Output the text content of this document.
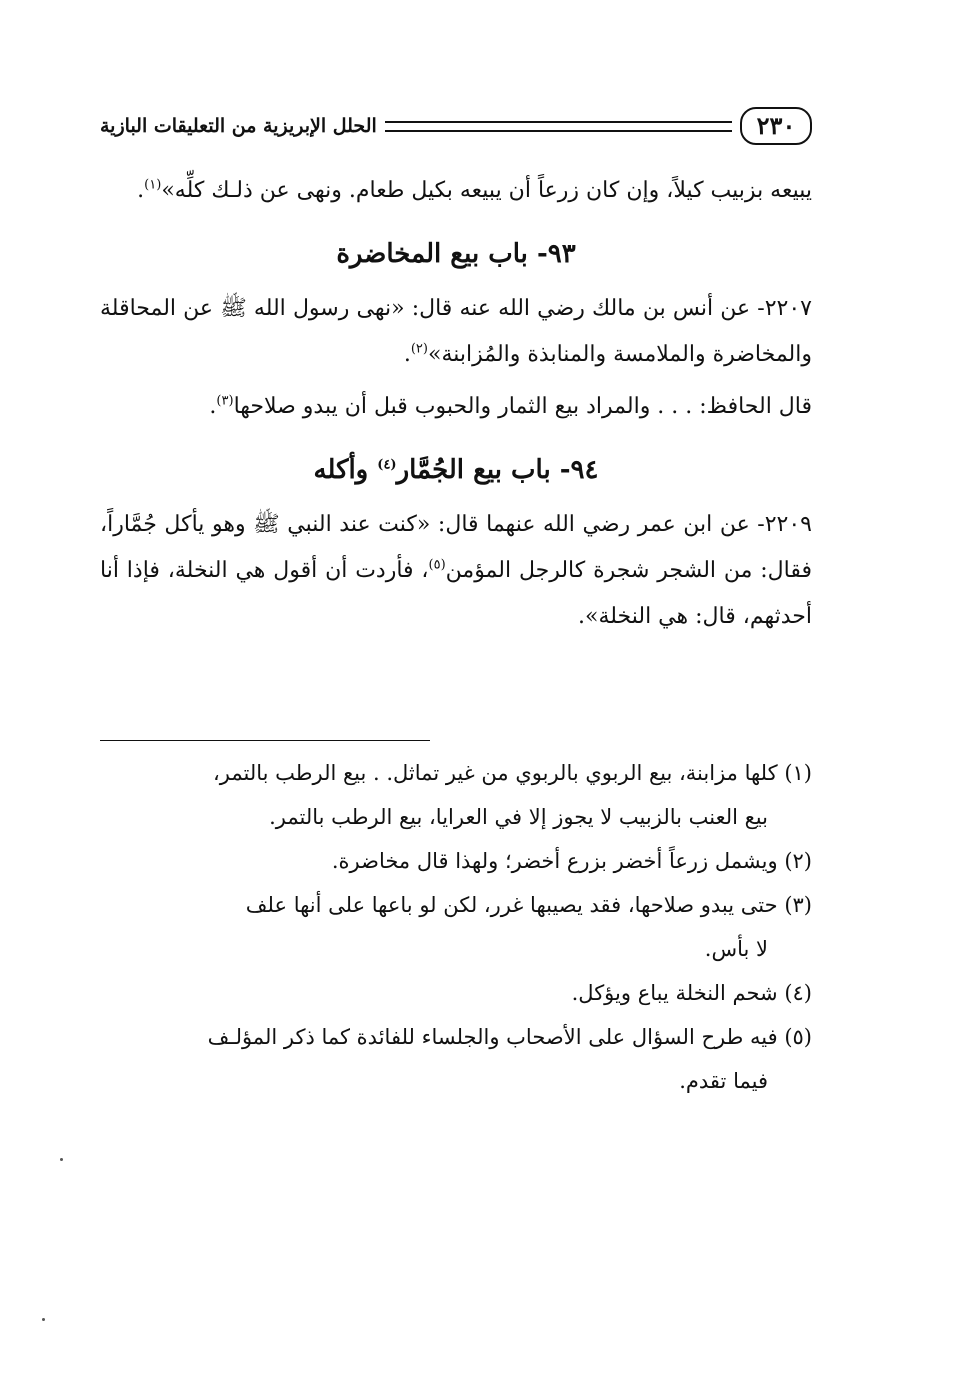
٢٣٠
الحلل الإبريزية من التعليقات البازية

يبيعه بزبيب كيلاً، وإن كان زرعاً أن يبيعه بكيل طعام. ونهى عن ذلـك كلِّه»$^{(١)}$.

٩٣- باب بيع المخاضرة

٢٢٠٧- عن أنس بن مالك رضي الله عنه قال: «نهى رسول الله ﷺ عن المحاقلة والمخاضرة والملامسة والمنابذة والمُزابنة»$^{(٢)}$.

قال الحافظ: . . . والمراد بيع الثمار والحبوب قبل أن يبدو صلاحها$^{(٣)}$.

٩٤- باب بيع الجُمَّار$^{(٤)}$ وأكله

٢٢٠٩- عن ابن عمر رضي الله عنهما قال: «كنت عند النبي ﷺ وهو يأكل جُمَّاراً، فقال: من الشجر شجرة كالرجل المؤمن$^{(٥)}$، فأردت أن أقول هي النخلة، فإذا أنا أحدثهم، قال: هي النخلة».

(١) كلها مزابنة، بيع الربوي بالربوي من غير تماثل. . بيع الرطب بالتمر،

بيع العنب بالزبيب لا يجوز إلا في العرايا، بيع الرطب بالتمر.

(٢) ويشمل زرعاً أخضر بزرع أخضر؛ ولهذا قال مخاضرة.

(٣) حتى يبدو صلاحها، فقد يصيبها غرر، لكن لو باعها على أنها علف

لا بأس.

(٤) شحم النخلة يباع ويؤكل.

(٥) فيه طرح السؤال على الأصحاب والجلساء للفائدة كما ذكر المؤلـف

فيما تقدم.
